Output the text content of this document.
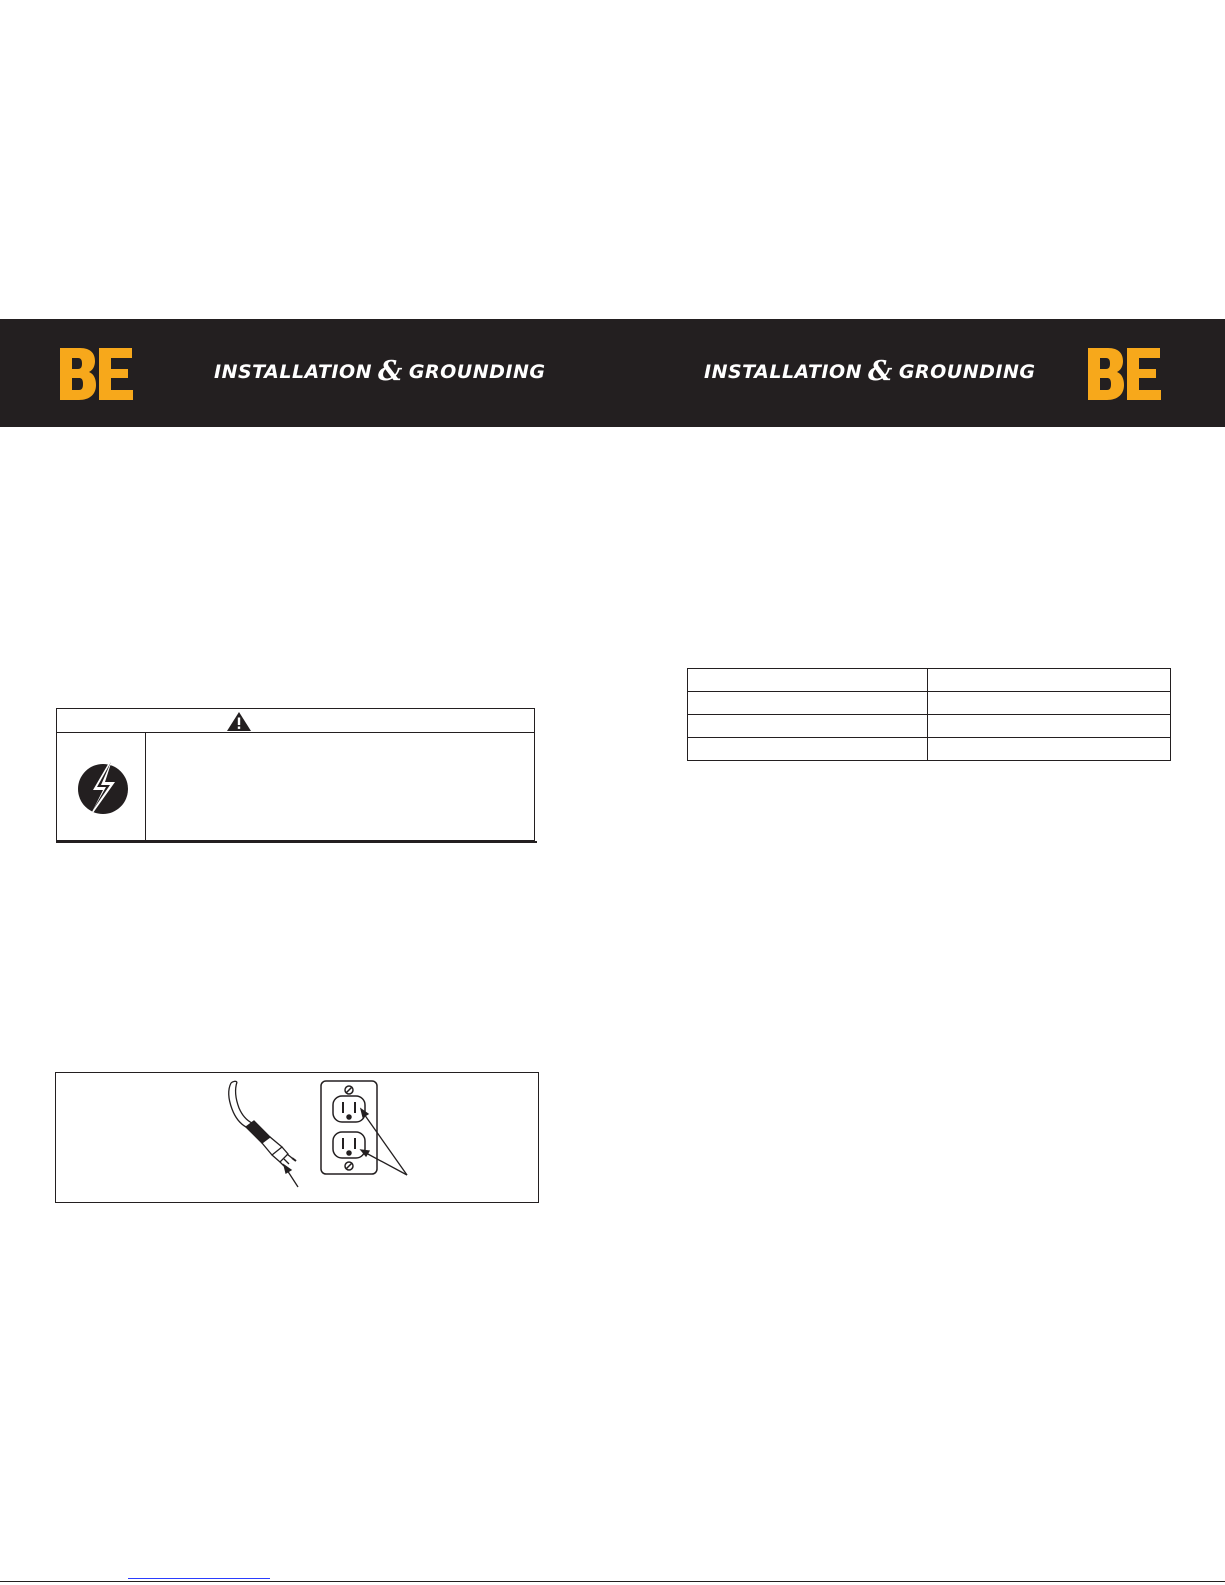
INSTALLATION & GROUNDING	INSTALLATION & GROUNDING
